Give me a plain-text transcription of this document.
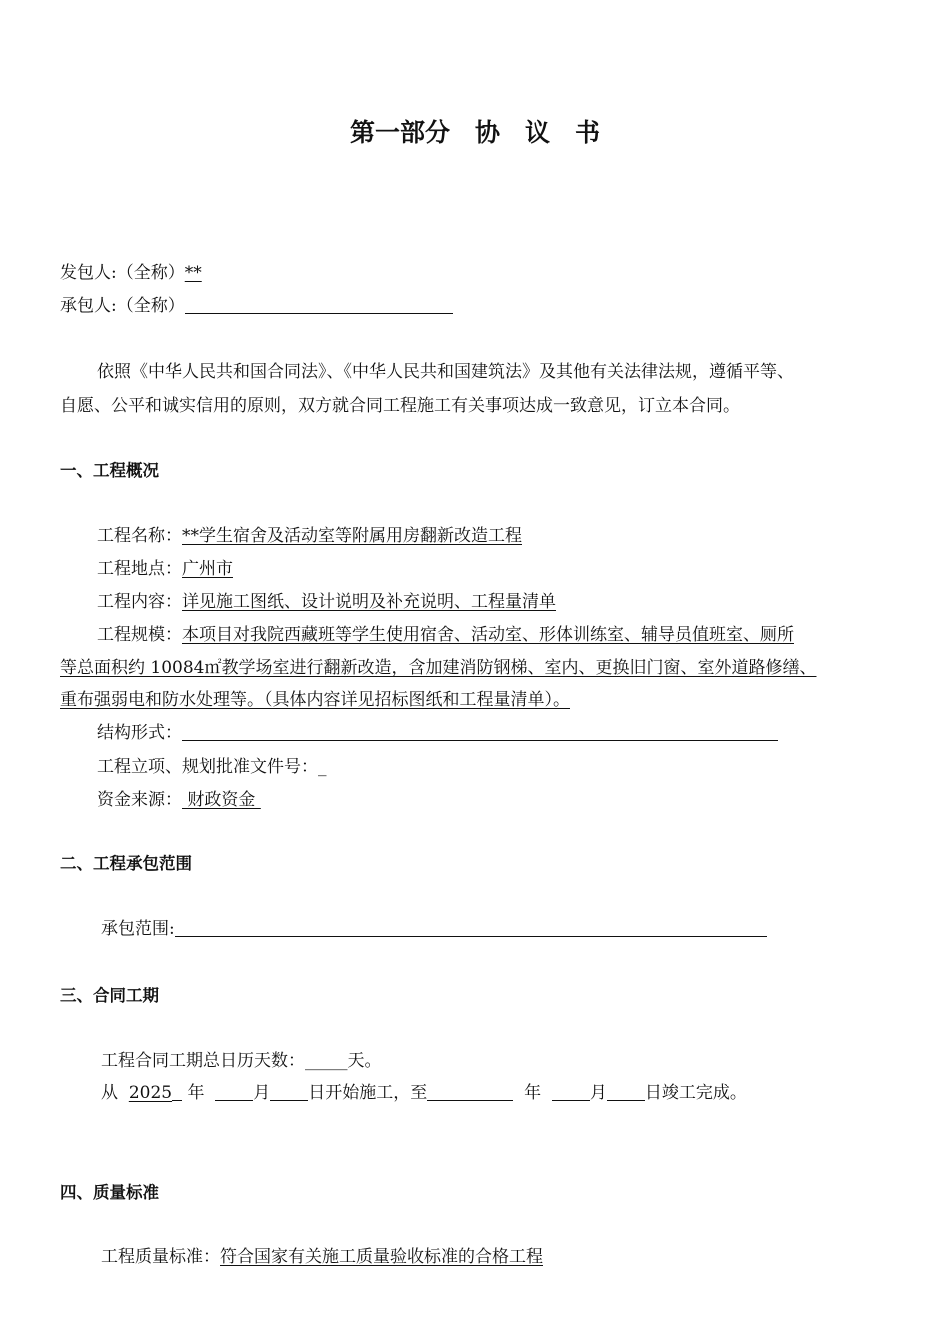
第一部分　协　议　书
发包人:（全称）**
承包人:（全称）
依照《中华人民共和国合同法》、《中华人民共和国建筑法》及其他有关法律法规，遵循平等、
自愿、公平和诚实信用的原则，双方就合同工程施工有关事项达成一致意见，订立本合同。
一、工程概况
工程名称：**学生宿舍及活动室等附属用房翻新改造工程
工程地点：广州市
工程内容：详见施工图纸、设计说明及补充说明、工程量清单
工程规模：本项目对我院西藏班等学生使用宿舍、活动室、形体训练室、辅导员值班室、厕所
等总面积约 10084㎡教学场室进行翻新改造，含加建消防钢梯、室内、更换旧门窗、室外道路修缮、
重布强弱电和防水处理等。（具体内容详见招标图纸和工程量清单）。
结构形式：
工程立项、规划批准文件号：_
资金来源： 财政资金
二、工程承包范围
承包范围:
三、合同工期
工程合同工期总日历天数：_____天。
从 2025 年	月 日开始施工，至	年	月 日竣工完成。
四、质量标准
工程质量标准：符合国家有关施工质量验收标准的合格工程
